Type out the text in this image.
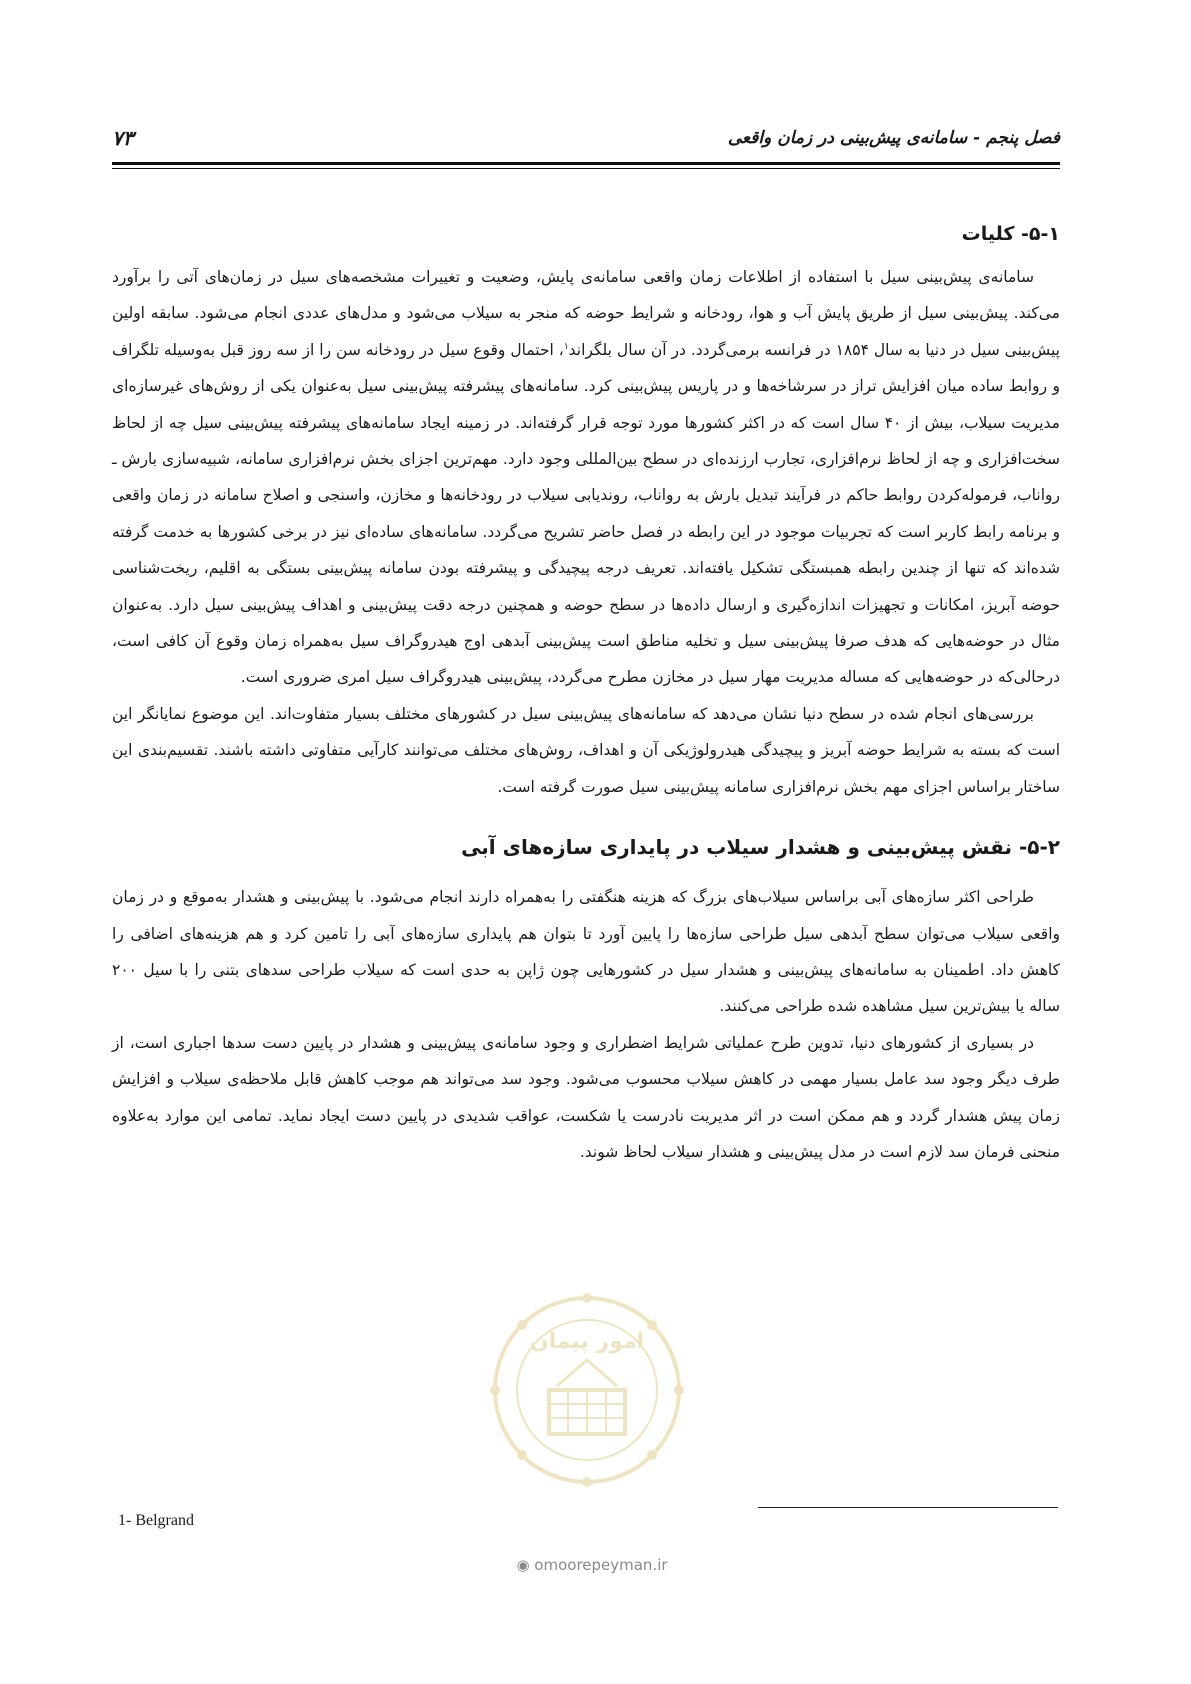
فصل پنجم - سامانه‌ی پیش‌بینی در زمان واقعی
۷۳
۵-۱- کلیات

سامانه‌ی پیش‌بینی سیل با استفاده از اطلاعات زمان واقعی سامانه‌ی پایش، وضعیت و تغییرات مشخصه‌های سیل در زمان‌های آتی را برآورد می‌کند. پیش‌بینی سیل از طریق پایش آب و هوا، رودخانه و شرایط حوضه که منجر به سیلاب می‌شود و مدل‌های عددی انجام می‌شود. سابقه اولین پیش‌بینی سیل در دنیا به سال ۱۸۵۴ در فرانسه برمی‌گردد. در آن سال بلگراند$^۱$، احتمال وقوع سیل در رودخانه سن را از سه روز قبل به‌وسیله تلگراف و روابط ساده میان افزایش تراز در سرشاخه‌ها و در پاریس پیش‌بینی کرد. سامانه‌های پیشرفته پیش‌بینی سیل به‌عنوان یکی از روش‌های غیرسازه‌ای مدیریت سیلاب، بیش از ۴۰ سال است که در اکثر کشورها مورد توجه قرار گرفته‌اند. در زمینه ایجاد سامانه‌های پیشرفته پیش‌بینی سیل چه از لحاظ سخت‌افزاری و چه از لحاظ نرم‌افزاری، تجارب ارزنده‌ای در سطح بین‌المللی وجود دارد. مهم‌ترین اجزای بخش نرم‌افزاری سامانه، شبیه‌سازی بارش ـ رواناب، فرموله‌کردن روابط حاکم در فرآیند تبدیل بارش به رواناب، روندیابی سیلاب در رودخانه‌ها و مخازن، واسنجی و اصلاح سامانه در زمان واقعی و برنامه رابط کاربر است که تجربیات موجود در این رابطه در فصل حاضر تشریح می‌گردد. سامانه‌های ساده‌ای نیز در برخی کشورها به خدمت گرفته شده‌اند که تنها از چندین رابطه همبستگی تشکیل یافته‌اند. تعریف درجه پیچیدگی و پیشرفته بودن سامانه پیش‌بینی بستگی به اقلیم، ریخت‌شناسی حوضه آبریز، امکانات و تجهیزات اندازه‌گیری و ارسال داده‌ها در سطح حوضه و همچنین درجه دقت پیش‌بینی و اهداف پیش‌بینی سیل دارد. به‌عنوان مثال در حوضه‌هایی که هدف صرفا پیش‌بینی سیل و تخلیه مناطق است پیش‌بینی آبدهی اوج هیدروگراف سیل به‌همراه زمان وقوع آن کافی است، درحالی‌که در حوضه‌هایی که مساله مدیریت مهار سیل در مخازن مطرح می‌گردد، پیش‌بینی هیدروگراف سیل امری ضروری است.

بررسی‌های انجام شده در سطح دنیا نشان می‌دهد که سامانه‌های پیش‌بینی سیل در کشورهای مختلف بسیار متفاوت‌اند. این موضوع نمایانگر این است که بسته به شرایط حوضه آبریز و پیچیدگی هیدرولوژیکی آن و اهداف، روش‌های مختلف می‌توانند کارآیی متفاوتی داشته باشند. تقسیم‌بندی این ساختار براساس اجزای مهم بخش نرم‌افزاری سامانه پیش‌بینی سیل صورت گرفته است.

۵-۲- نقش پیش‌بینی و هشدار سیلاب در پایداری سازه‌های آبی

طراحی اکثر سازه‌های آبی براساس سیلاب‌های بزرگ که هزینه هنگفتی را به‌همراه دارند انجام می‌شود. با پیش‌بینی و هشدار به‌موقع و در زمان واقعی سیلاب می‌توان سطح آبدهی سیل طراحی سازه‌ها را پایین آورد تا بتوان هم پایداری سازه‌های آبی را تامین کرد و هم هزینه‌های اضافی را کاهش داد. اطمینان به سامانه‌های پیش‌بینی و هشدار سیل در کشورهایی چون ژاپن به حدی است که سیلاب طراحی سدهای بتنی را با سیل ۲۰۰ ساله یا بیش‌ترین سیل مشاهده شده طراحی می‌کنند.

در بسیاری از کشورهای دنیا، تدوین طرح عملیاتی شرایط اضطراری و وجود سامانه‌ی پیش‌بینی و هشدار در پایین دست سدها اجباری است، از طرف دیگر وجود سد عامل بسیار مهمی در کاهش سیلاب محسوب می‌شود. وجود سد می‌تواند هم موجب کاهش قابل ملاحظه‌ی سیلاب و افزایش زمان پیش هشدار گردد و هم ممکن است در اثر مدیریت نادرست یا شکست، عواقب شدیدی در پایین دست ایجاد نماید. تمامی این موارد به‌علاوه منحنی فرمان سد لازم است در مدل پیش‌بینی و هشدار سیلاب لحاظ شوند.

امور پیمان
◉ omoorepeyman.ir
1- Belgrand
